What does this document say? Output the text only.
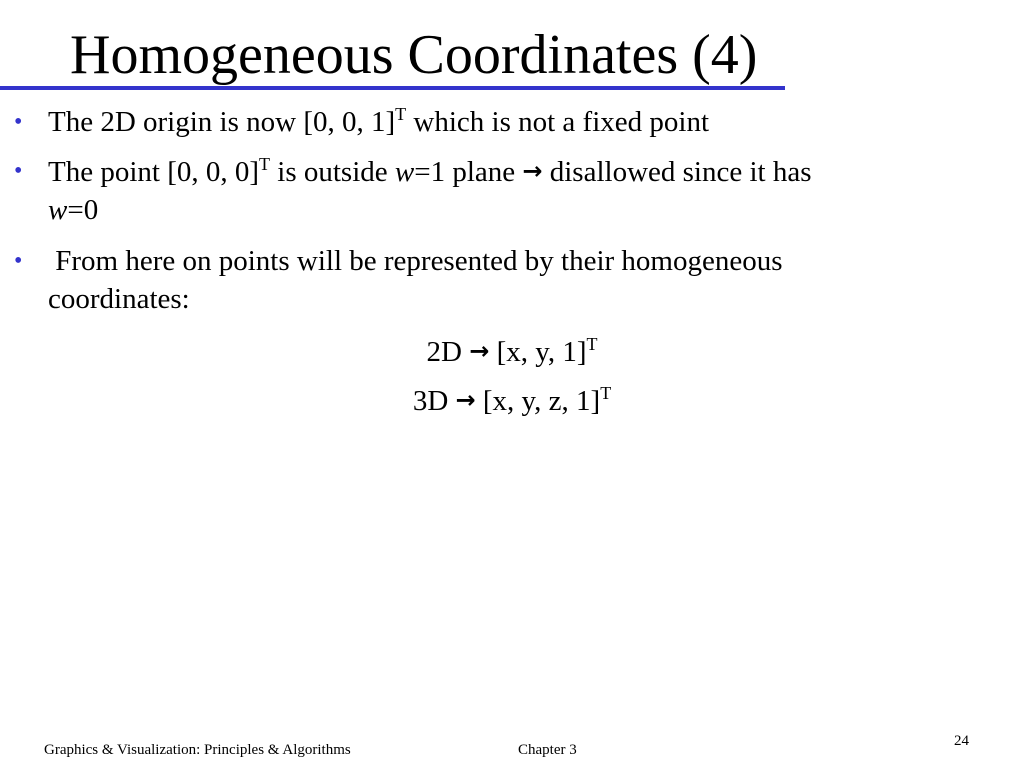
Homogeneous Coordinates (4)
• The 2D origin is now [0, 0, 1]$^T$ which is not a fixed point
• The point [0, 0, 0]$^T$ is outside w=1 plane → disallowed since it has
w=0
• From here on points will be represented by their homogeneous
coordinates:
2D → [x, y, 1]$^T$
3D → [x, y, z, 1]$^T$
Graphics & Visualization: Principles & Algorithms	Chapter 3
24
